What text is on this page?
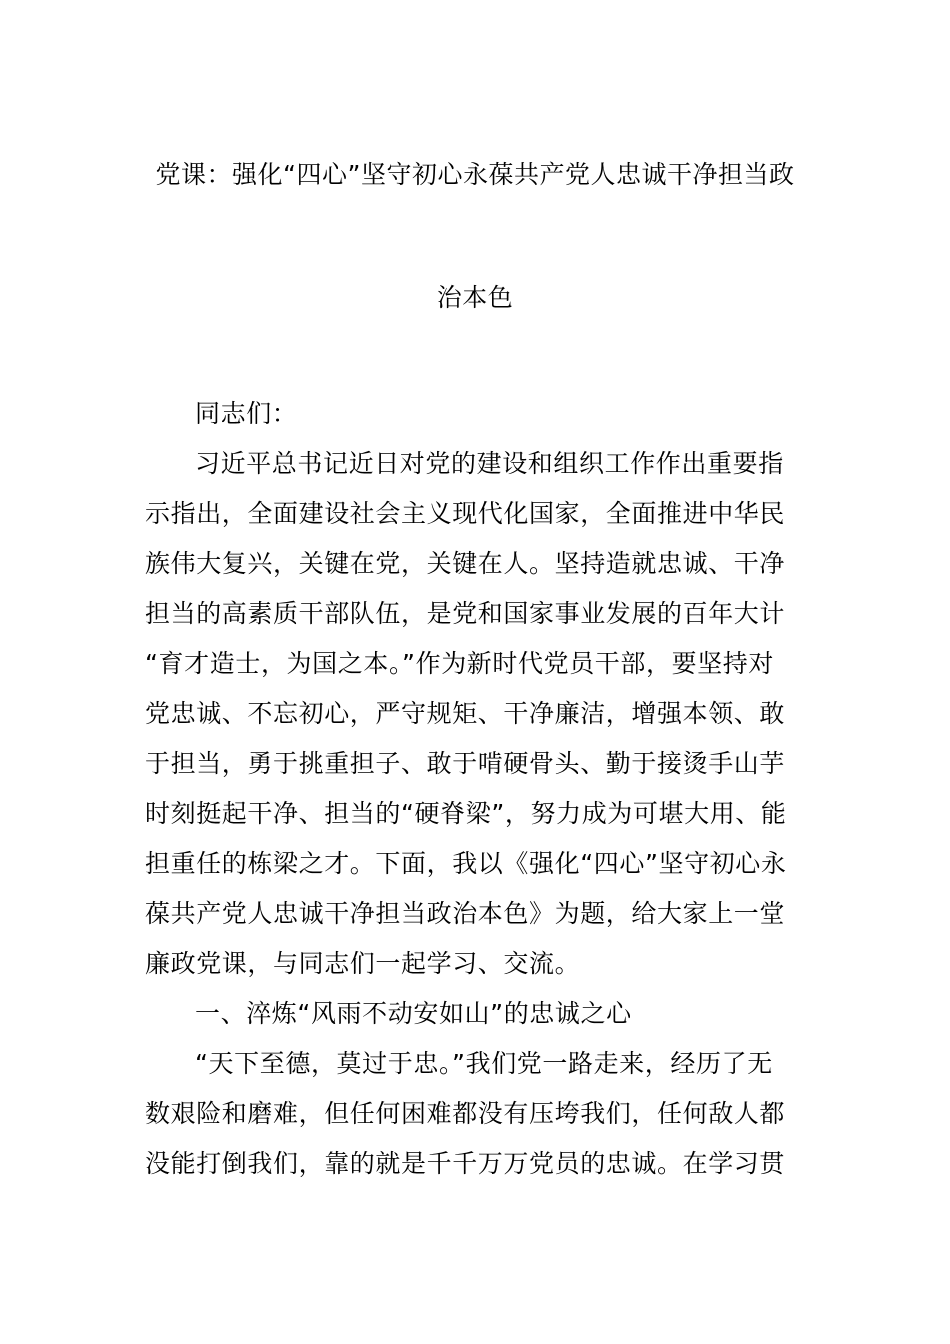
党课：强化“四心”坚守初心永葆共产党人忠诚干净担当政
治本色
同志们：
习近平总书记近日对党的建设和组织工作作出重要指
示指出，全面建设社会主义现代化国家，全面推进中华民
族伟大复兴，关键在党，关键在人。坚持造就忠诚、干净
担当的高素质干部队伍，是党和国家事业发展的百年大计
“育才造士，为国之本。”作为新时代党员干部，要坚持对
党忠诚、不忘初心，严守规矩、干净廉洁，增强本领、敢
于担当，勇于挑重担子、敢于啃硬骨头、勤于接烫手山芋
时刻挺起干净、担当的“硬脊梁”，努力成为可堪大用、能
担重任的栋梁之才。下面，我以《强化“四心”坚守初心永
葆共产党人忠诚干净担当政治本色》为题，给大家上一堂
廉政党课，与同志们一起学习、交流。
一、淬炼“风雨不动安如山”的忠诚之心
“天下至德，莫过于忠。”我们党一路走来，经历了无
数艰险和磨难，但任何困难都没有压垮我们，任何敌人都
没能打倒我们，靠的就是千千万万党员的忠诚。在学习贯
